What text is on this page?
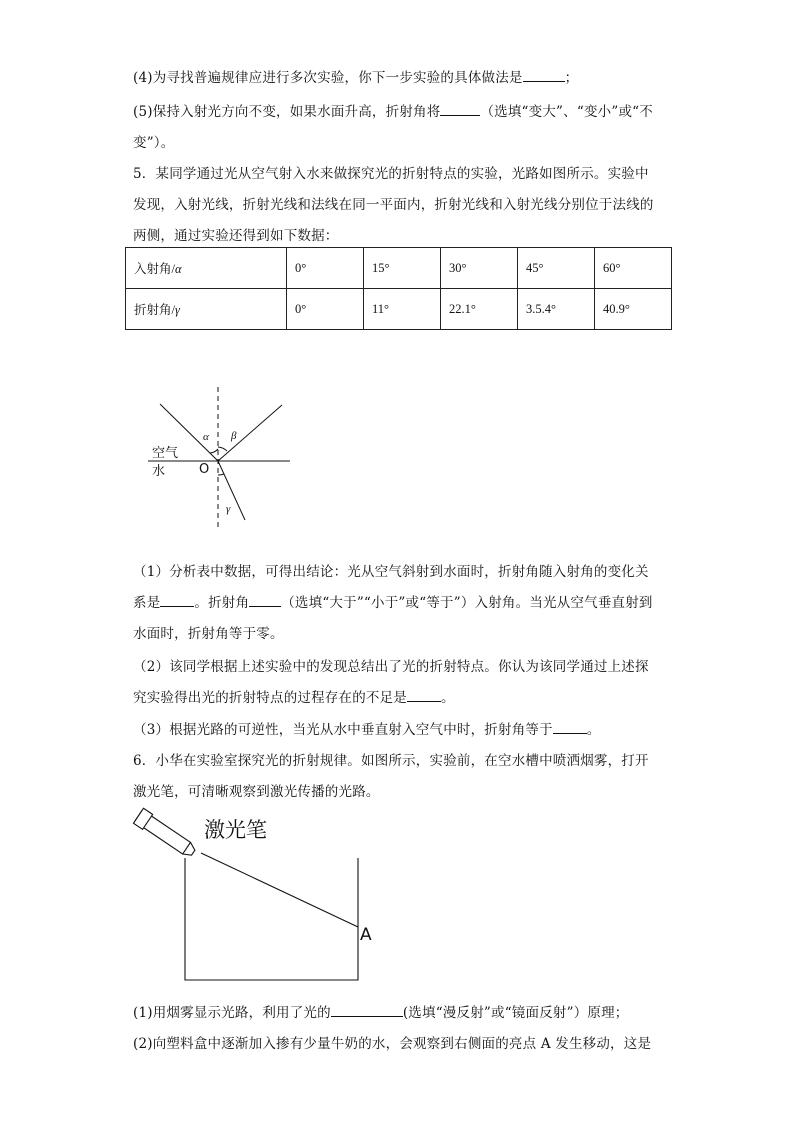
(4)为寻找普遍规律应进行多次实验，你下一步实验的具体做法是	；
(5)保持入射光方向不变，如果水面升高，折射角将	（选填“变大”、“变小”或“不
变”）。
5．某同学通过光从空气射入水来做探究光的折射特点的实验，光路如图所示。实验中
发现，入射光线，折射光线和法线在同一平面内，折射光线和入射光线分别位于法线的
两侧，通过实验还得到如下数据：
入射角/α	0°	15°	30°	45°	60°
折射角/γ	0°	11°	22.1°	3.5.4°	40.9°
α β
γ
空气
水	O
激光笔
A
（1）分析表中数据，可得出结论：光从空气斜射到水面时，折射角随入射角的变化关
系是	。折射角 （选填“大于”“小于”或“等于”）入射角。当光从空气垂直射到
水面时，折射角等于零。
（2）该同学根据上述实验中的发现总结出了光的折射特点。你认为该同学通过上述探
究实验得出光的折射特点的过程存在的不足是	。
（3）根据光路的可逆性，当光从水中垂直射入空气中时，折射角等于	。
6．小华在实验室探究光的折射规律。如图所示，实验前，在空水槽中喷洒烟雾，打开
激光笔，可清晰观察到激光传播的光路。
(1)用烟雾显示光路，利用了光的	(选填“漫反射”或“镜面反射”）原理；
(2)向塑料盒中逐渐加入掺有少量牛奶的水，会观察到右侧面的亮点 A 发生移动，这是
